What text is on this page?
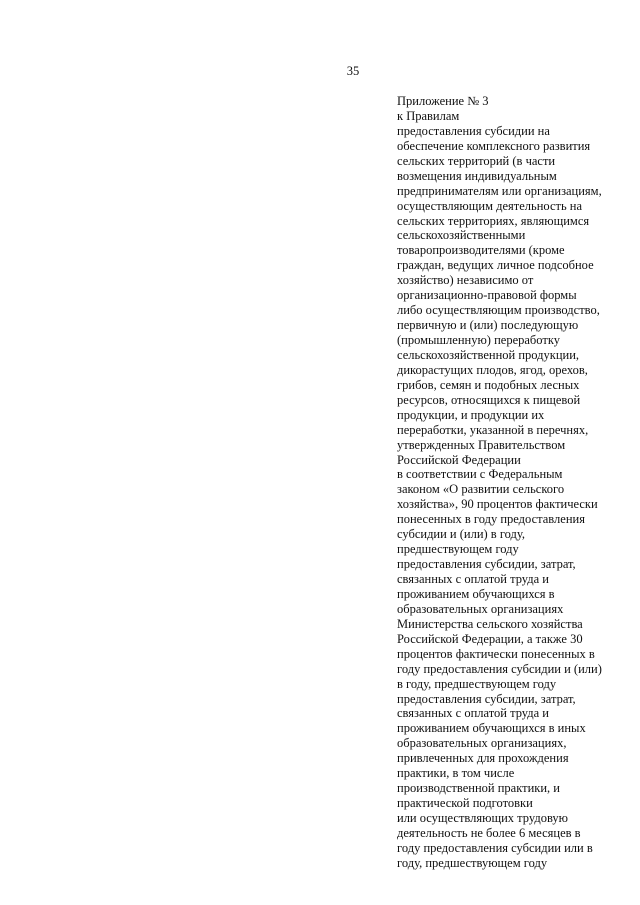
35
Приложение № 3
к Правилам
предоставления субсидии на
обеспечение комплексного развития
сельских территорий (в части
возмещения индивидуальным
предпринимателям или организациям,
осуществляющим деятельность на
сельских территориях, являющимся
сельскохозяйственными
товаропроизводителями (кроме
граждан, ведущих личное подсобное
хозяйство) независимо от
организационно-правовой формы
либо осуществляющим производство,
первичную и (или) последующую
(промышленную) переработку
сельскохозяйственной продукции,
дикорастущих плодов, ягод, орехов,
грибов, семян и подобных лесных
ресурсов, относящихся к пищевой
продукции, и продукции их
переработки, указанной в перечнях,
утвержденных Правительством
Российской Федерации
в соответствии с Федеральным
законом «О развитии сельского
хозяйства», 90 процентов фактически
понесенных в году предоставления
субсидии и (или) в году,
предшествующем году
предоставления субсидии, затрат,
связанных с оплатой труда и
проживанием обучающихся в
образовательных организациях
Министерства сельского хозяйства
Российской Федерации, а также 30
процентов фактически понесенных в
году предоставления субсидии и (или)
в году, предшествующем году
предоставления субсидии, затрат,
связанных с оплатой труда и
проживанием обучающихся в иных
образовательных организациях,
привлеченных для прохождения
практики, в том числе
производственной практики, и
практической подготовки
или осуществляющих трудовую
деятельность не более 6 месяцев в
году предоставления субсидии или в
году, предшествующем году
